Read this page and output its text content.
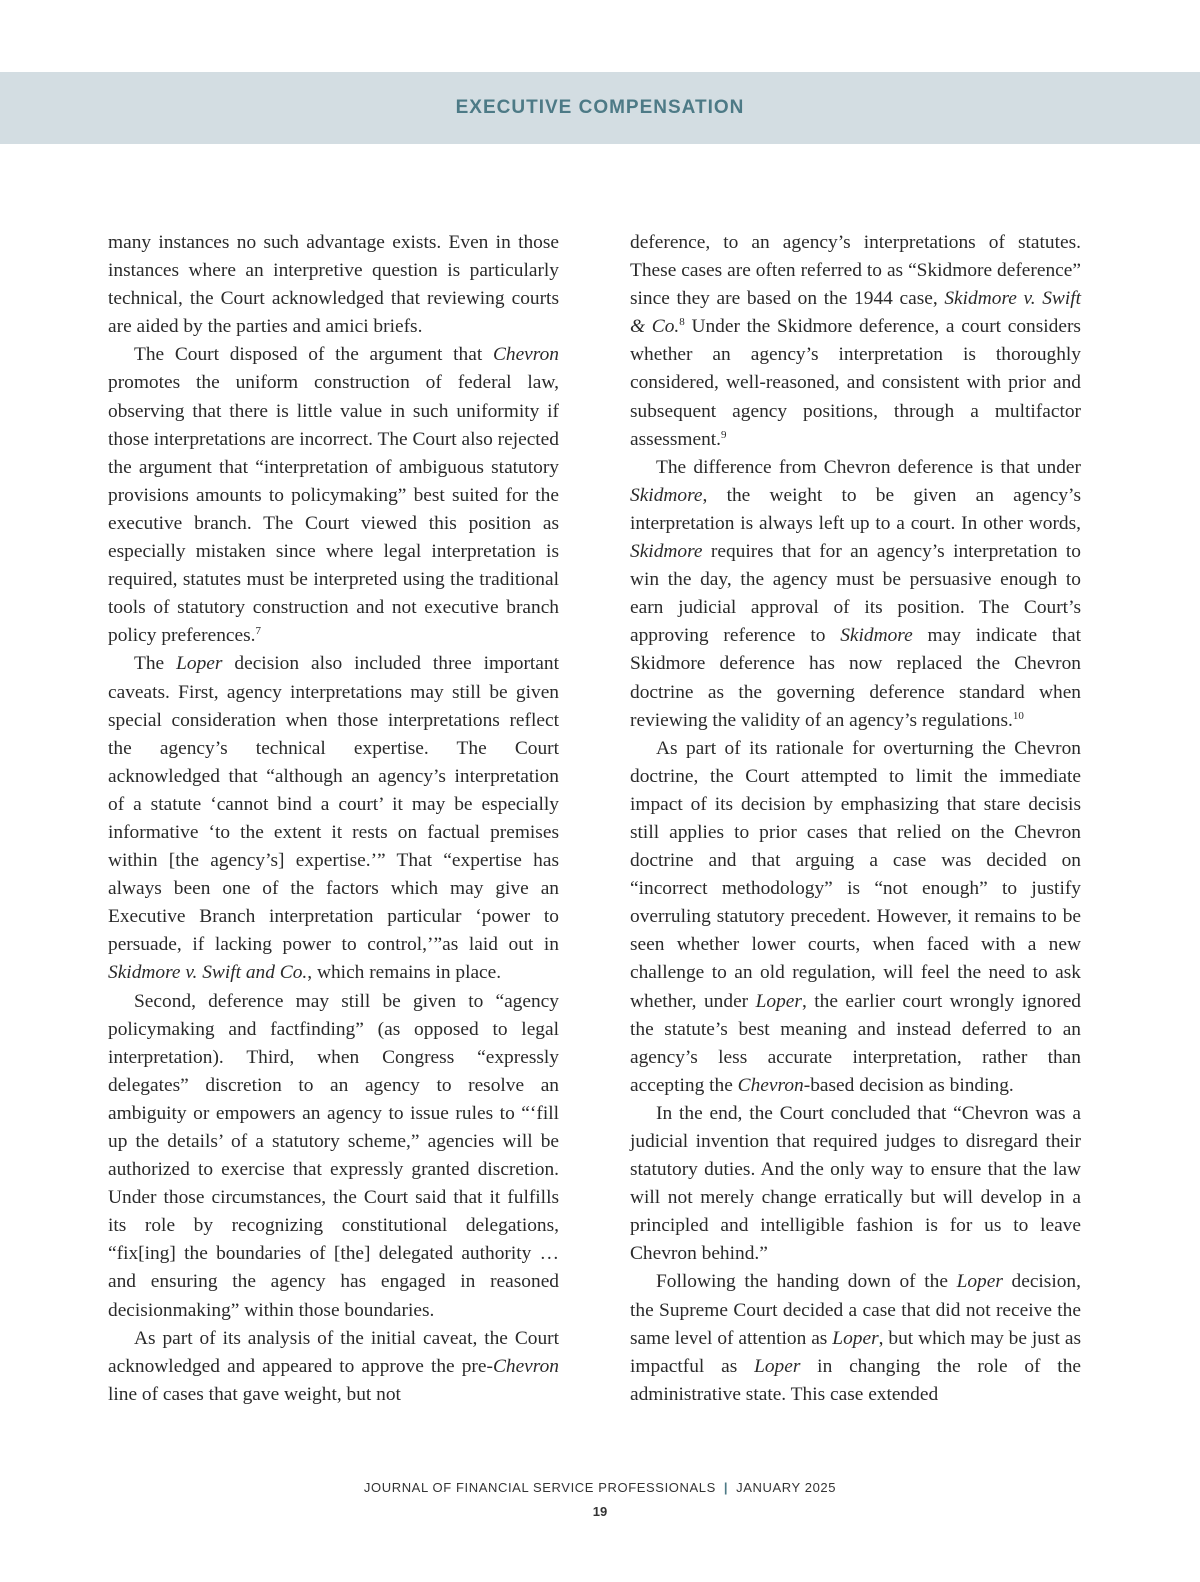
EXECUTIVE COMPENSATION

many instances no such advantage exists. Even in those instances where an interpretive question is particularly technical, the Court acknowledged that reviewing courts are aided by the parties and amici briefs.

The Court disposed of the argument that Chevron promotes the uniform construction of federal law, observing that there is little value in such uniformity if those interpretations are incorrect. The Court also rejected the argument that “interpretation of ambiguous statutory provisions amounts to policymaking” best suited for the executive branch. The Court viewed this position as especially mistaken since where legal interpretation is required, statutes must be interpreted using the traditional tools of statutory construction and not executive branch policy preferences.$^7$

The Loper decision also included three important caveats. First, agency interpretations may still be given special consideration when those interpretations reflect the agency’s technical expertise. The Court acknowledged that “although an agency’s interpretation of a statute ‘cannot bind a court’ it may be especially informative ‘to the extent it rests on factual premises within [the agency’s] expertise.’” That “expertise has always been one of the factors which may give an Executive Branch interpretation particular ‘power to persuade, if lacking power to control,’”as laid out in Skidmore v. Swift and Co., which remains in place.

Second, deference may still be given to “agency policymaking and factfinding” (as opposed to legal interpretation). Third, when Congress “expressly delegates” discretion to an agency to resolve an ambiguity or empowers an agency to issue rules to “‘fill up the details’ of a statutory scheme,” agencies will be authorized to exercise that expressly granted discretion. Under those circumstances, the Court said that it fulfills its role by recognizing constitutional delegations, “fix[ing] the boundaries of [the] delegated authority … and ensuring the agency has engaged in reasoned decisionmaking” within those boundaries.

As part of its analysis of the initial caveat, the Court acknowledged and appeared to approve the pre-Chevron line of cases that gave weight, but not

deference, to an agency’s interpretations of statutes. These cases are often referred to as “Skidmore deference” since they are based on the 1944 case, Skidmore v. Swift & Co.$^8$ Under the Skidmore deference, a court considers whether an agency’s interpretation is thoroughly considered, well-reasoned, and consistent with prior and subsequent agency positions, through a multifactor assessment.$^9$

The difference from Chevron deference is that under Skidmore, the weight to be given an agency’s interpretation is always left up to a court. In other words, Skidmore requires that for an agency’s interpretation to win the day, the agency must be persuasive enough to earn judicial approval of its position. The Court’s approving reference to Skidmore may indicate that Skidmore deference has now replaced the Chevron doctrine as the governing deference standard when reviewing the validity of an agency’s regulations.$^{10}$

As part of its rationale for overturning the Chevron doctrine, the Court attempted to limit the immediate impact of its decision by emphasizing that stare decisis still applies to prior cases that relied on the Chevron doctrine and that arguing a case was decided on “incorrect methodology” is “not enough” to justify overruling statutory precedent. However, it remains to be seen whether lower courts, when faced with a new challenge to an old regulation, will feel the need to ask whether, under Loper, the earlier court wrongly ignored the statute’s best meaning and instead deferred to an agency’s less accurate interpretation, rather than accepting the Chevron-based decision as binding.

In the end, the Court concluded that “Chevron was a judicial invention that required judges to disregard their statutory duties. And the only way to ensure that the law will not merely change erratically but will develop in a principled and intelligible fashion is for us to leave Chevron behind.”

Following the handing down of the Loper decision, the Supreme Court decided a case that did not receive the same level of attention as Loper, but which may be just as impactful as Loper in changing the role of the administrative state. This case extended

JOURNAL OF FINANCIAL SERVICE PROFESSIONALS | JANUARY 2025
19
